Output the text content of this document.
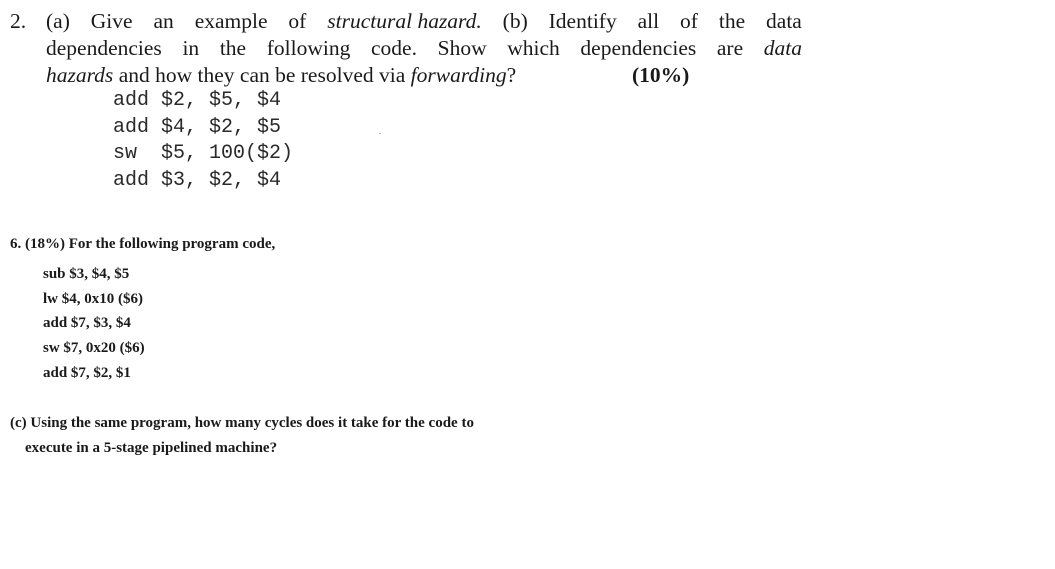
2. (a) Give an example of structural hazard. (b) Identify all of the data
dependencies in the following code. Show which dependencies are data
hazards and how they can be resolved via forwarding?	(10%)
add $2, $5, $4
add $4, $2, $5
sw  $5, 100($2)
add $3, $2, $4
6. (18%) For the following program code,
sub $3, $4, $5
lw $4, 0x10 ($6)
add $7, $3, $4
sw $7, 0x20 ($6)
add $7, $2, $1
(c) Using the same program, how many cycles does it take for the code to
execute in a 5-stage pipelined machine?
